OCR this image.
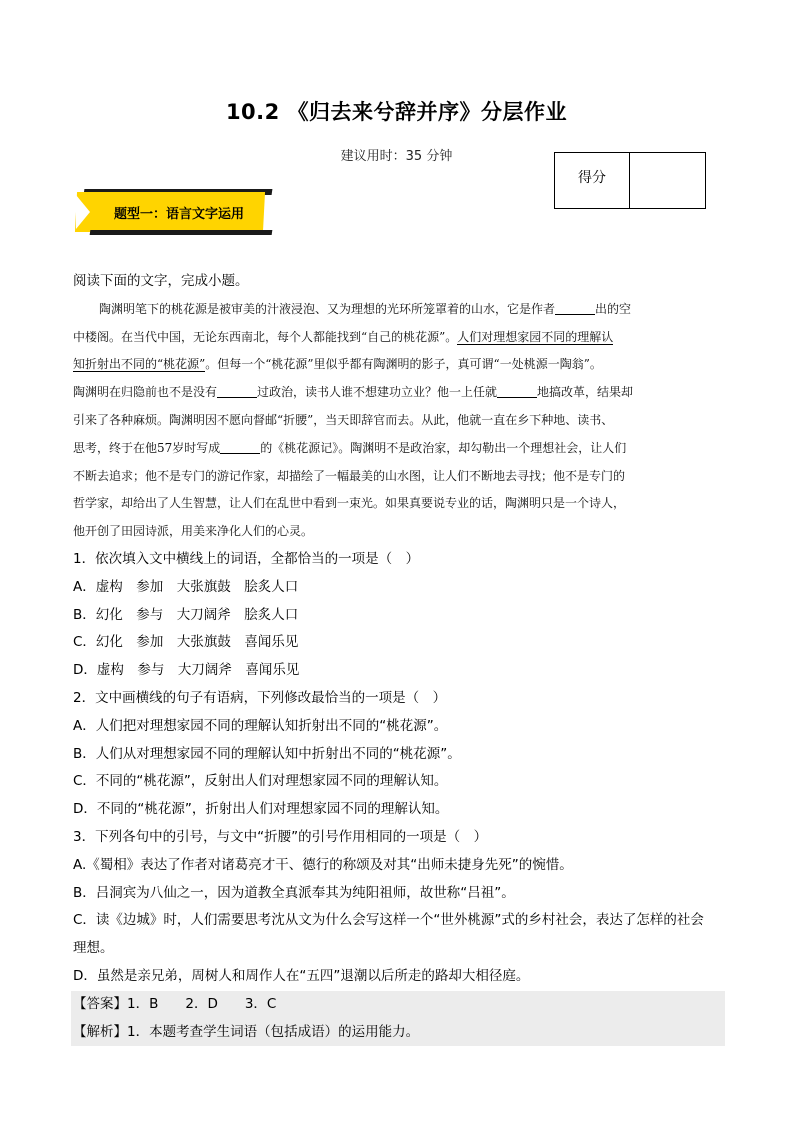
10.2 《归去来兮辞并序》分层作业
建议用时：35 分钟
得分
题型一：语言文字运用
阅读下面的文字，完成小题。
陶渊明笔下的桃花源是被审美的汁液浸泡、又为理想的光环所笼罩着的山水，它是作者	出的空
中楼阁。在当代中国，无论东西南北，每个人都能找到“自己的桃花源”。人们对理想家园不同的理解认
知折射出不同的“桃花源”。但每一个“桃花源”里似乎都有陶渊明的影子，真可谓“一处桃源一陶翁”。
陶渊明在归隐前也不是没有	过政治，读书人谁不想建功立业？他一上任就	地搞改革，结果却
引来了各种麻烦。陶渊明因不愿向督邮“折腰”，当天即辞官而去。从此，他就一直在乡下种地、读书、
思考，终于在他57岁时写成	的《桃花源记》。陶渊明不是政治家，却勾勒出一个理想社会，让人们
不断去追求；他不是专门的游记作家，却描绘了一幅最美的山水图，让人们不断地去寻找；他不是专门的
哲学家，却给出了人生智慧，让人们在乱世中看到一束光。如果真要说专业的话，陶渊明只是一个诗人，
他开创了田园诗派，用美来净化人们的心灵。
1．依次填入文中横线上的词语，全都恰当的一项是（　）
A．虚构　参加　大张旗鼓　脍炙人口
B．幻化　参与　大刀阔斧　脍炙人口
C．幻化　参加　大张旗鼓　喜闻乐见
D．虚构　参与　大刀阔斧　喜闻乐见
2．文中画横线的句子有语病，下列修改最恰当的一项是（　）
A．人们把对理想家园不同的理解认知折射出不同的“桃花源”。
B．人们从对理想家园不同的理解认知中折射出不同的“桃花源”。
C．不同的“桃花源”，反射出人们对理想家园不同的理解认知。
D．不同的“桃花源”，折射出人们对理想家园不同的理解认知。
3．下列各句中的引号，与文中“折腰”的引号作用相同的一项是（　）
A.《蜀相》表达了作者对诸葛亮才干、德行的称颂及对其“出师未捷身先死”的惋惜。
B．吕洞宾为八仙之一，因为道教全真派奉其为纯阳祖师，故世称“吕祖”。
C．读《边城》时，人们需要思考沈从文为什么会写这样一个“世外桃源”式的乡村社会，表达了怎样的社会
理想。
D．虽然是亲兄弟，周树人和周作人在“五四”退潮以后所走的路却大相径庭。
【答案】1．B　　2．D　　3．C
【解析】1．本题考查学生词语（包括成语）的运用能力。
